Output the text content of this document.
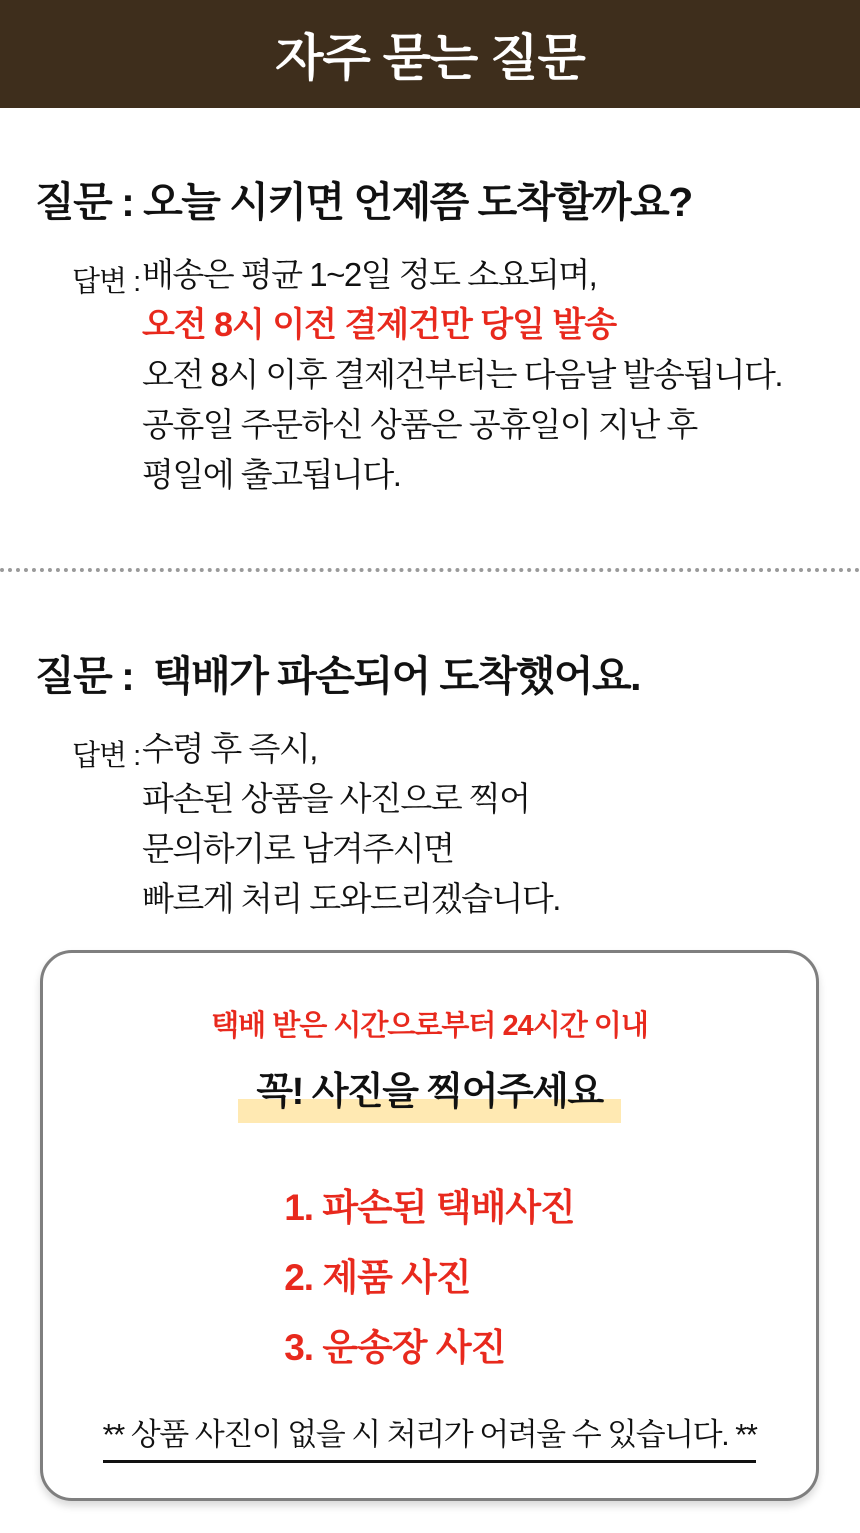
자주 묻는 질문
질문 : 오늘 시키면 언제쯤 도착할까요?
답변 : 배송은 평균 1~2일 정도 소요되며,

오전 8시 이전 결제건만 당일 발송

오전 8시 이후 결제건부터는 다음날 발송됩니다.

공휴일 주문하신 상품은 공휴일이 지난 후

평일에 출고됩니다.

질문 :  택배가 파손되어 도착했어요.
답변 : 수령 후 즉시,

파손된 상품을 사진으로 찍어

문의하기로 남겨주시면

빠르게 처리 도와드리겠습니다.

택배 받은 시간으로부터 24시간 이내

꼭! 사진을 찍어주세요

1. 파손된 택배사진

2. 제품 사진

3. 운송장 사진

** 상품 사진이 없을 시 처리가 어려울 수 있습니다. **
